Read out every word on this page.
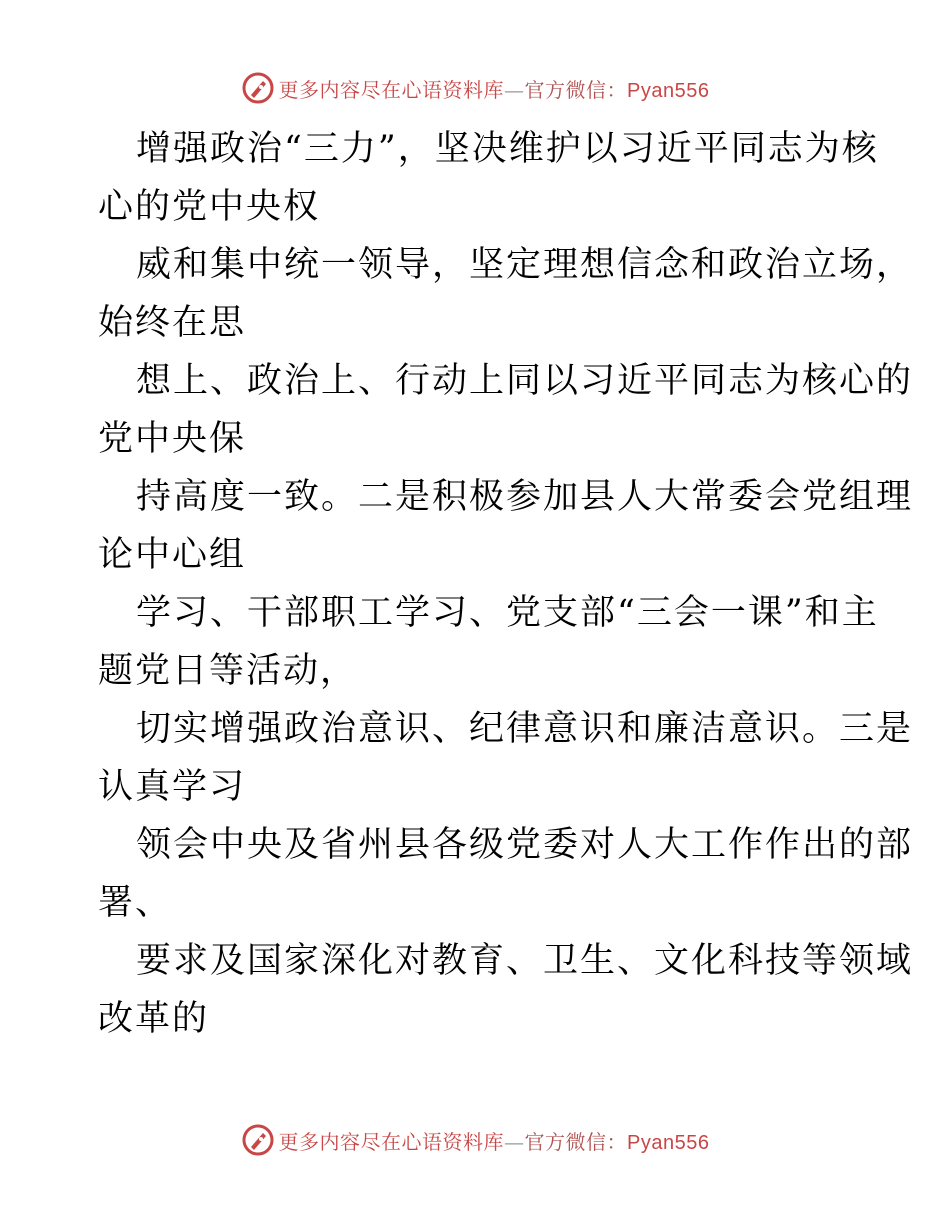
更多内容尽在心语资料库—官方微信：Pyan556
增强政治“三力”，坚决维护以习近平同志为核
心的党中央权
威和集中统一领导，坚定理想信念和政治立场，
始终在思
想上、政治上、行动上同以习近平同志为核心的
党中央保
持高度一致。二是积极参加县人大常委会党组理
论中心组
学习、干部职工学习、党支部“三会一课”和主
题党日等活动，
切实增强政治意识、纪律意识和廉洁意识。三是
认真学习
领会中央及省州县各级党委对人大工作作出的部
署、
要求及国家深化对教育、卫生、文化科技等领域
改革的
更多内容尽在心语资料库—官方微信：Pyan556
